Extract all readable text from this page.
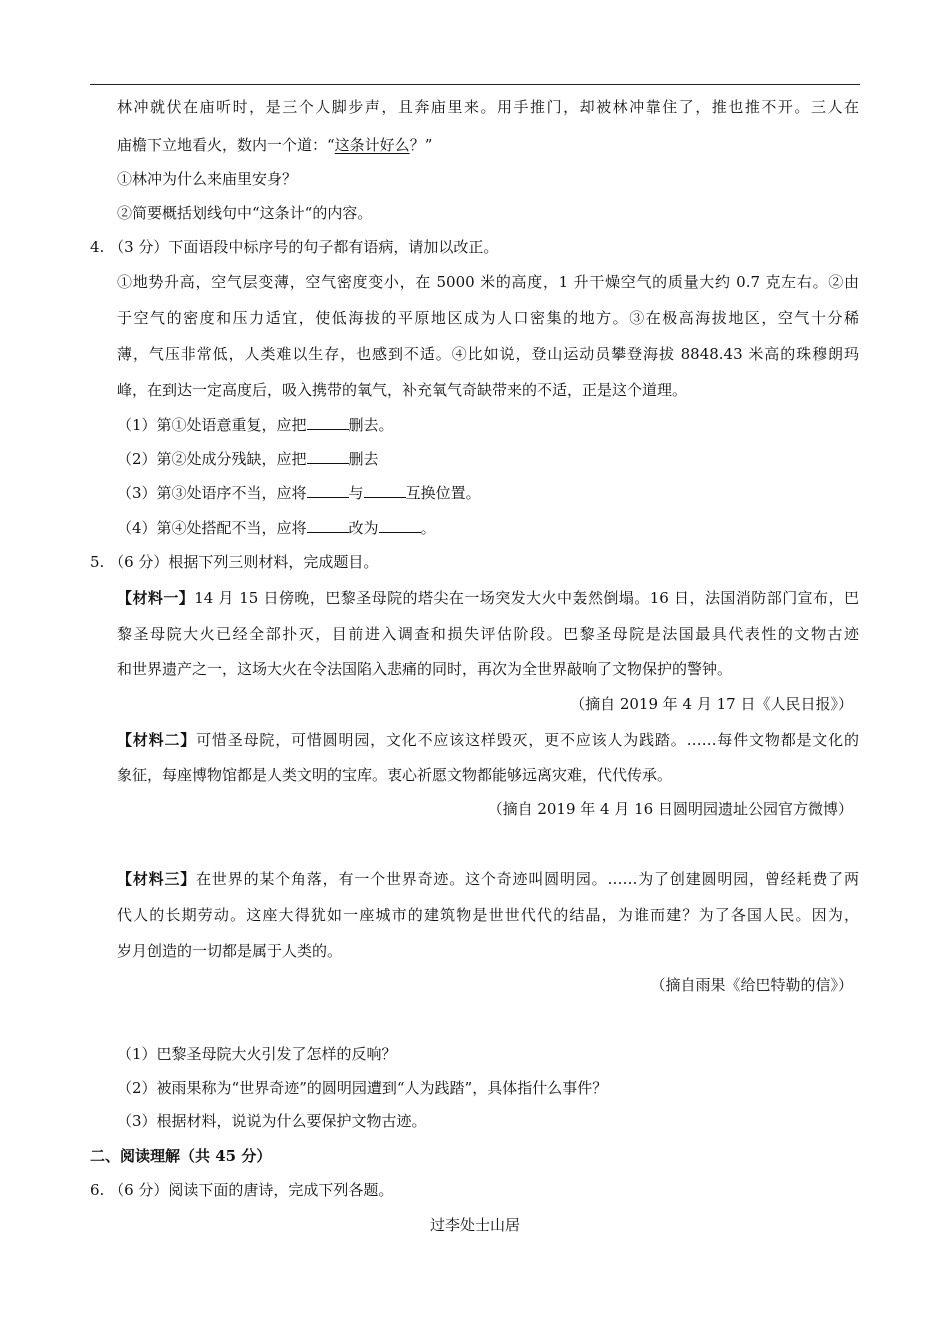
林冲就伏在庙听时，是三个人脚步声，且奔庙里来。用手推门，却被林冲靠住了，推也推不开。三人在
庙檐下立地看火，数内一个道：“这条计好么？”
①林冲为什么来庙里安身？
②简要概括划线句中“这条计“的内容。
4. （3 分）下面语段中标序号的句子都有语病，请加以改正。
①地势升高，空气层变薄，空气密度变小，在 5000 米的高度，1 升干燥空气的质量大约 0.7 克左右。②由
于空气的密度和压力适宜，使低海拔的平原地区成为人口密集的地方。③在极高海拔地区，空气十分稀
薄，气压非常低，人类难以生存，也感到不适。④比如说，登山运动员攀登海拔 8848.43 米高的珠穆朗玛
峰，在到达一定高度后，吸入携带的氧气，补充氧气奇缺带来的不适，正是这个道理。
（1）第①处语意重复，应把	删去。
（2）第②处成分残缺，应把	删去
（3）第③处语序不当，应将	与	互换位置。
（4）第④处搭配不当，应将	改为	。
5. （6 分）根据下列三则材料，完成题目。
【材料一】14 月 15 日傍晚，巴黎圣母院的塔尖在一场突发大火中轰然倒塌。16 日，法国消防部门宣布，巴
黎圣母院大火已经全部扑灭，目前进入调查和损失评估阶段。巴黎圣母院是法国最具代表性的文物古迹
和世界遗产之一，这场大火在令法国陷入悲痛的同时，再次为全世界敲响了文物保护的警钟。
（摘自 2019 年 4 月 17 日《人民日报》）
【材料二】可惜圣母院，可惜圆明园，文化不应该这样毁灭，更不应该人为践踏。……每件文物都是文化的
象征，每座博物馆都是人类文明的宝库。衷心祈愿文物都能够远离灾难，代代传承。
（摘自 2019 年 4 月 16 日圆明园遗址公园官方微博）
【材料三】在世界的某个角落，有一个世界奇迹。这个奇迹叫圆明园。……为了创建圆明园，曾经耗费了两
代人的长期劳动。这座大得犹如一座城市的建筑物是世世代代的结晶，为谁而建？为了各国人民。因为，
岁月创造的一切都是属于人类的。
（摘自雨果《给巴特勒的信》）
（1）巴黎圣母院大火引发了怎样的反响？
（2）被雨果称为“世界奇迹”的圆明园遭到“人为践踏”，具体指什么事件？
（3）根据材料，说说为什么要保护文物古迹。
二、阅读理解（共 45 分）
6. （6 分）阅读下面的唐诗，完成下列各题。
过李处士山居
